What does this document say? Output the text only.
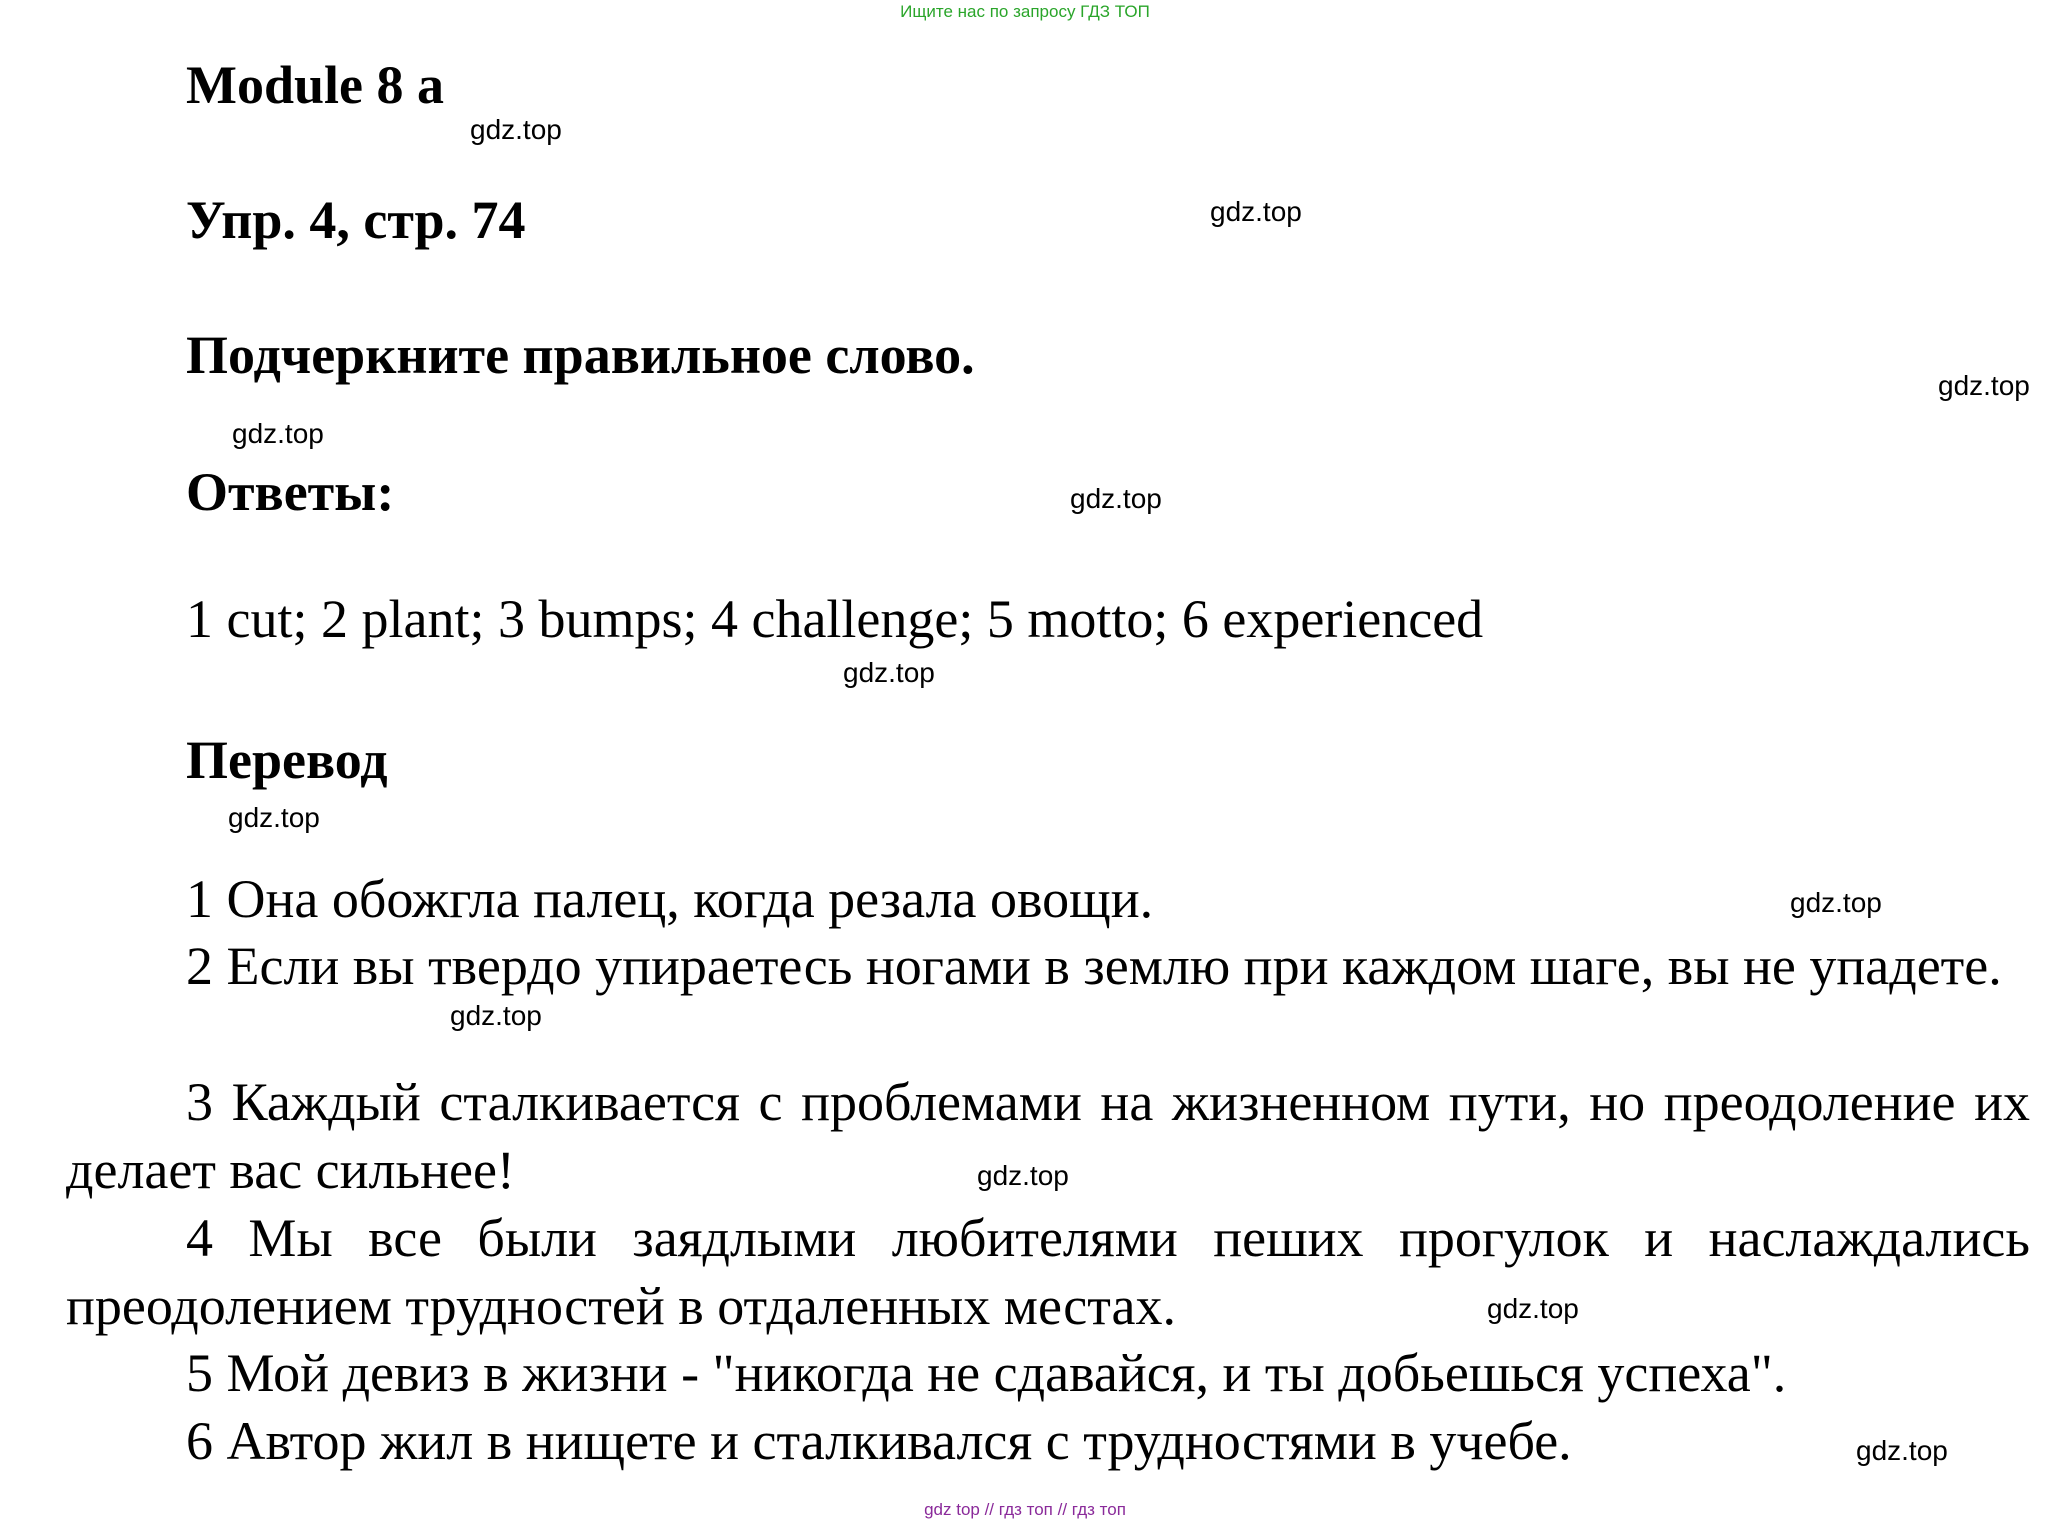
Ищите нас по запросу ГДЗ ТОП
Module 8 a
Упр. 4, стр. 74
Подчеркните правильное слово.
Ответы:
1 cut; 2 plant; 3 bumps; 4 challenge; 5 motto; 6 experienced
Перевод
1 Она обожгла палец, когда резала овощи.
2 Если вы твердо упираетесь ногами в землю при каждом шаге, вы не упадете.
3 Каждый сталкивается с проблемами на жизненном пути, но преодоление их делает вас сильнее!
4 Мы все были заядлыми любителями пеших прогулок и наслаждались преодолением трудностей в отдаленных местах.
5 Мой девиз в жизни - "никогда не сдавайся, и ты добьешься успеха".
6 Автор жил в нищете и сталкивался с трудностями в учебе.
gdz.top
gdz.top
gdz.top
gdz.top
gdz.top
gdz.top
gdz.top
gdz.top
gdz.top
gdz.top
gdz.top
gdz.top
gdz top // гдз топ // гдз топ
